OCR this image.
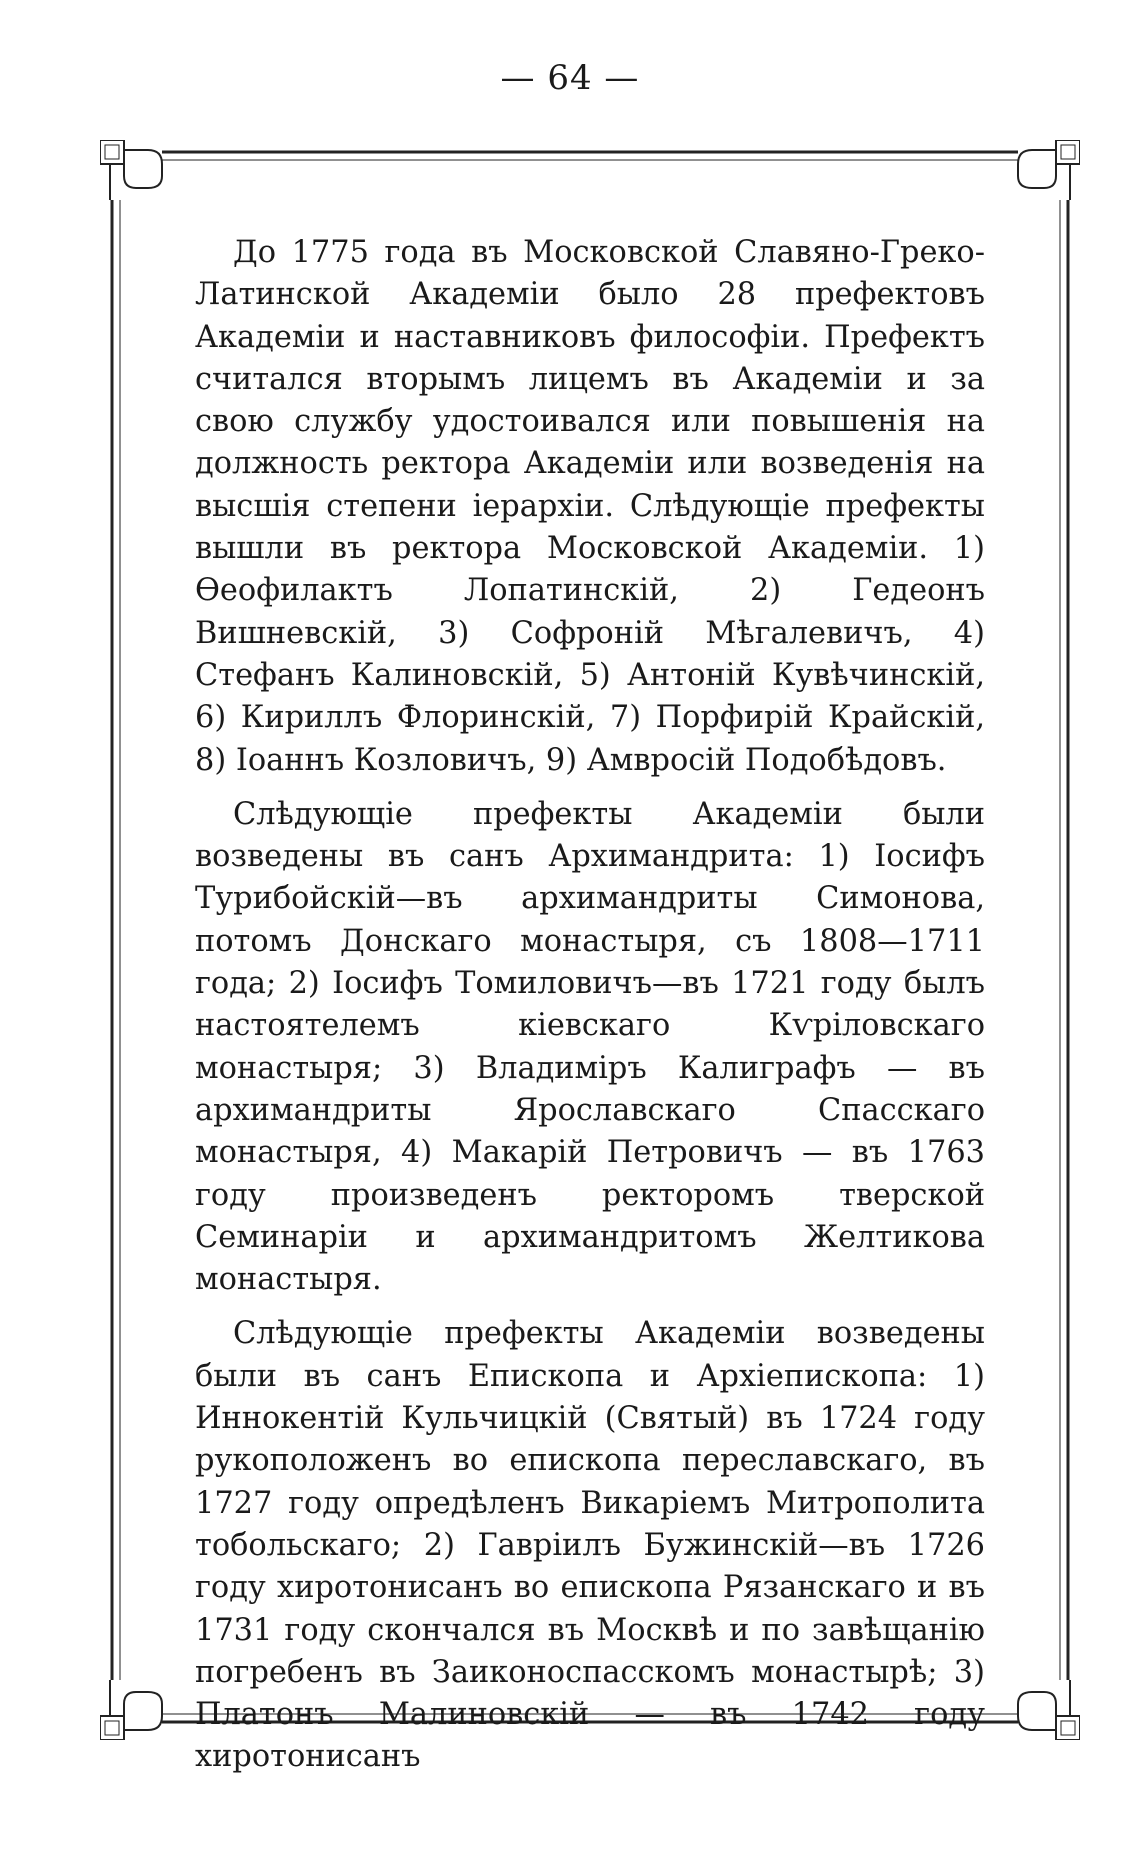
— 64 —

До 1775 года въ Московской Славяно-Греко-Латинской Академіи было 28 префектовъ Академіи и наставниковъ философіи. Префектъ считался вторымъ лицемъ въ Академіи и за свою службу удостоивался или повышенія на должность ректора Академіи или возведенія на высшія степени іерархіи. Слѣдующіе префекты вышли въ ректора Московской Академіи. 1) Ѳеофилактъ Лопатинскій, 2) Гедеонъ Вишневскій, 3) Софроній Мѣгалевичъ, 4) Стефанъ Калиновскій, 5) Антоній Кувѣчинскій, 6) Кириллъ Флоринскій, 7) Порфирій Крайскій, 8) Іоаннъ Козловичъ, 9) Амвросій Подобѣдовъ.

Слѣдующіе префекты Академіи были возведены въ санъ Архимандрита: 1) Іосифъ Турибойскій—въ архимандриты Симонова, потомъ Донскаго монастыря, съ 1808—1711 года; 2) Іосифъ Томиловичъ—въ 1721 году былъ настоятелемъ кіевскаго Кѵріловскаго монастыря; 3) Владиміръ Калиграфъ — въ архимандриты Ярославскаго Спасскаго монастыря, 4) Макарій Петровичъ — въ 1763 году произведенъ ректоромъ тверской Семинаріи и архимандритомъ Желтикова монастыря.

Слѣдующіе префекты Академіи возведены были въ санъ Епископа и Архіепископа: 1) Иннокентій Кульчицкій (Святый) въ 1724 году рукоположенъ во епископа переславскаго, въ 1727 году опредѣленъ Викаріемъ Митрополита тобольскаго; 2) Гавріилъ Бужинскій—въ 1726 году хиротонисанъ во епископа Рязанскаго и въ 1731 году скончался въ Москвѣ и по завѣщанію погребенъ въ Заиконоспасскомъ монастырѣ; 3) Платонъ Малиновскій — въ 1742 году хиротонисанъ
